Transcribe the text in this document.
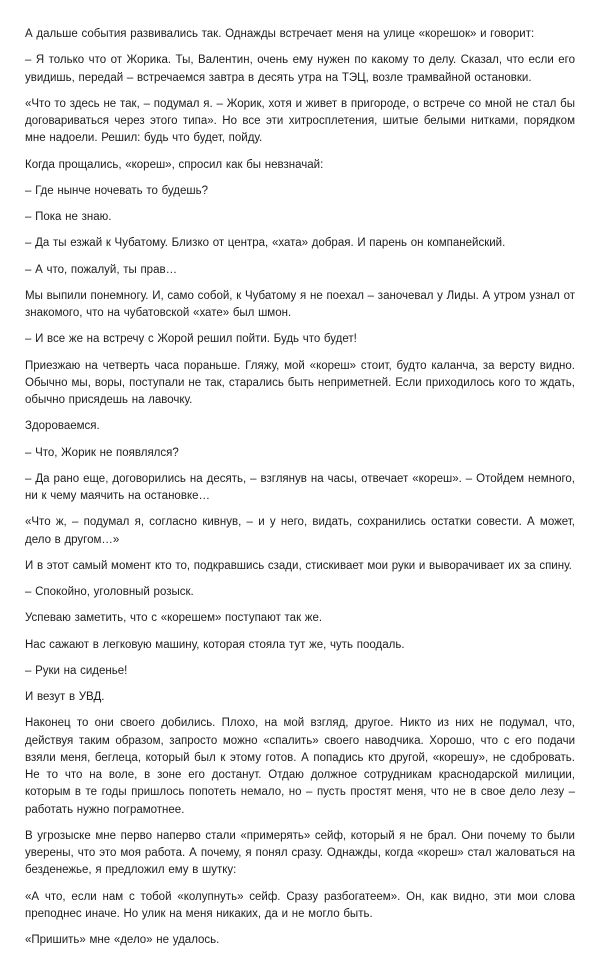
А дальше события развивались так. Однажды встречает меня на улице «корешок» и говорит:

– Я только что от Жорика. Ты, Валентин, очень ему нужен по какому то делу. Сказал, что если его увидишь, передай – встречаемся завтра в десять утра на ТЭЦ, возле трамвайной остановки.

«Что то здесь не так, – подумал я. – Жорик, хотя и живет в пригороде, о встрече со мной не стал бы договариваться через этого типа». Но все эти хитросплетения, шитые белыми нитками, порядком мне надоели. Решил: будь что будет, пойду.

Когда прощались, «кореш», спросил как бы невзначай:

– Где нынче ночевать то будешь?

– Пока не знаю.

– Да ты езжай к Чубатому. Близко от центра, «хата» добрая. И парень он компанейский.

– А что, пожалуй, ты прав…

Мы выпили понемногу. И, само собой, к Чубатому я не поехал – заночевал у Лиды. А утром узнал от знакомого, что на чубатовской «хате» был шмон.

– И все же на встречу с Жорой решил пойти. Будь что будет!

Приезжаю на четверть часа пораньше. Гляжу, мой «кореш» стоит, будто каланча, за версту видно. Обычно мы, воры, поступали не так, старались быть неприметней. Если приходилось кого то ждать, обычно присядешь на лавочку.

Здороваемся.

– Что, Жорик не появлялся?

– Да рано еще, договорились на десять, – взглянув на часы, отвечает «кореш». – Отойдем немного, ни к чему маячить на остановке…

«Что ж, – подумал я, согласно кивнув, – и у него, видать, сохранились остатки совести. А может, дело в другом…»

И в этот самый момент кто то, подкравшись сзади, стискивает мои руки и выворачивает их за спину.

– Спокойно, уголовный розыск.

Успеваю заметить, что с «корешем» поступают так же.

Нас сажают в легковую машину, которая стояла тут же, чуть поодаль.

– Руки на сиденье!

И везут в УВД.

Наконец то они своего добились. Плохо, на мой взгляд, другое. Никто из них не подумал, что, действуя таким образом, запросто можно «спалить» своего наводчика. Хорошо, что с его подачи взяли меня, беглеца, который был к этому готов. А попадись кто другой, «корешу», не сдобровать. Не то что на воле, в зоне его достанут. Отдаю должное сотрудникам краснодарской милиции, которым в те годы пришлось попотеть немало, но – пусть простят меня, что не в свое дело лезу – работать нужно пограмотнее.

В угрозыске мне перво наперво стали «примерять» сейф, который я не брал. Они почему то были уверены, что это моя работа. А почему, я понял сразу. Однажды, когда «кореш» стал жаловаться на безденежье, я предложил ему в шутку:

«А что, если нам с тобой «колупнуть» сейф. Сразу разбогатеем». Он, как видно, эти мои слова преподнес иначе. Но улик на меня никаких, да и не могло быть.

«Пришить» мне «дело» не удалось.
